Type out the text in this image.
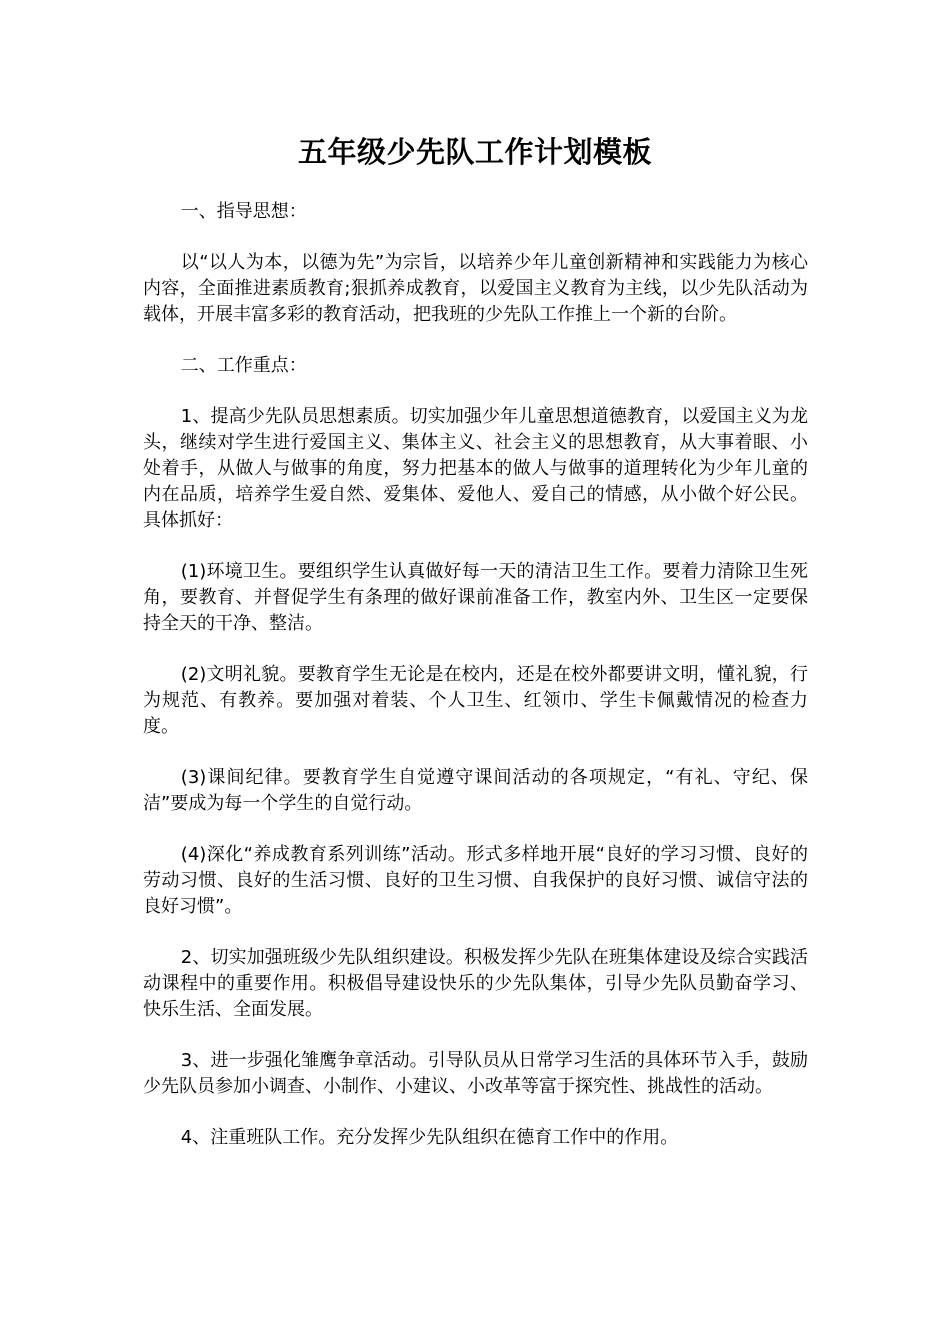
五年级少先队工作计划模板

一、指导思想：

以“以人为本，以德为先”为宗旨，以培养少年儿童创新精神和实践能力为核心内容，全面推进素质教育;狠抓养成教育，以爱国主义教育为主线，以少先队活动为载体，开展丰富多彩的教育活动，把我班的少先队工作推上一个新的台阶。

二、工作重点：

1、提高少先队员思想素质。切实加强少年儿童思想道德教育，以爱国主义为龙头，继续对学生进行爱国主义、集体主义、社会主义的思想教育，从大事着眼、小处着手，从做人与做事的角度，努力把基本的做人与做事的道理转化为少年儿童的内在品质，培养学生爱自然、爱集体、爱他人、爱自己的情感，从小做个好公民。具体抓好：

(1)环境卫生。要组织学生认真做好每一天的清洁卫生工作。要着力清除卫生死角，要教育、并督促学生有条理的做好课前准备工作，教室内外、卫生区一定要保持全天的干净、整洁。

(2)文明礼貌。要教育学生无论是在校内，还是在校外都要讲文明，懂礼貌，行为规范、有教养。要加强对着装、个人卫生、红领巾、学生卡佩戴情况的检查力度。

(3)课间纪律。要教育学生自觉遵守课间活动的各项规定，“有礼、守纪、保洁”要成为每一个学生的自觉行动。

(4)深化“养成教育系列训练”活动。形式多样地开展“良好的学习习惯、良好的劳动习惯、良好的生活习惯、良好的卫生习惯、自我保护的良好习惯、诚信守法的良好习惯”。

2、切实加强班级少先队组织建设。积极发挥少先队在班集体建设及综合实践活动课程中的重要作用。积极倡导建设快乐的少先队集体，引导少先队员勤奋学习、快乐生活、全面发展。

3、进一步强化雏鹰争章活动。引导队员从日常学习生活的具体环节入手，鼓励少先队员参加小调查、小制作、小建议、小改革等富于探究性、挑战性的活动。

4、注重班队工作。充分发挥少先队组织在德育工作中的作用。
